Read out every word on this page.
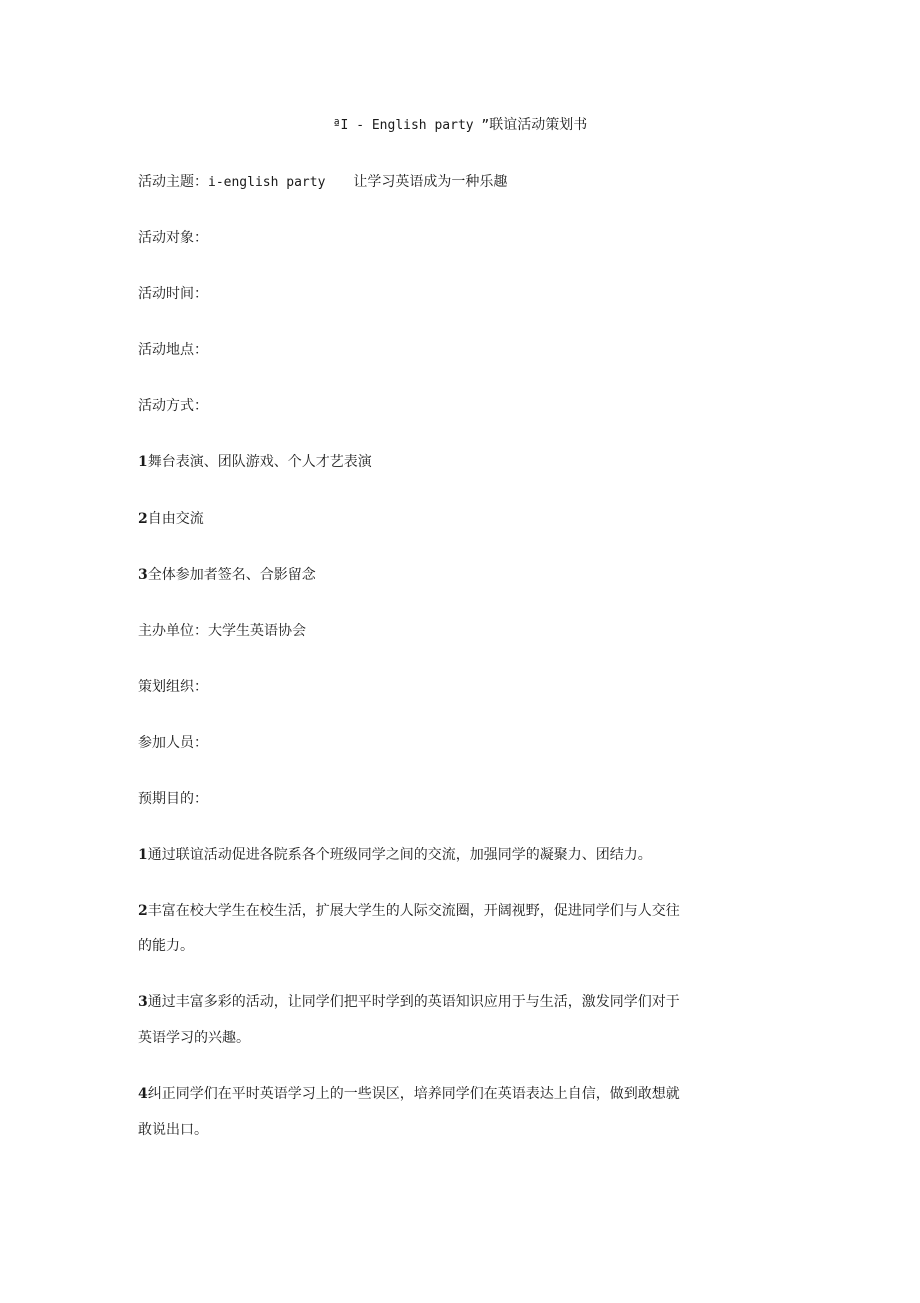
ªI - English party ”联谊活动策划书
活动主题：i-english party 让学习英语成为一种乐趣
活动对象：
活动时间：
活动地点：
活动方式：
1舞台表演、团队游戏、个人才艺表演
2自由交流
3全体参加者签名、合影留念
主办单位：大学生英语协会
策划组织：
参加人员：
预期目的：
1通过联谊活动促进各院系各个班级同学之间的交流，加强同学的凝聚力、团结力。
2丰富在校大学生在校生活，扩展大学生的人际交流圈，开阔视野，促进同学们与人交往
的能力。
3通过丰富多彩的活动，让同学们把平时学到的英语知识应用于与生活，激发同学们对于
英语学习的兴趣。
4纠正同学们在平时英语学习上的一些误区，培养同学们在英语表达上自信，做到敢想就
敢说出口。
